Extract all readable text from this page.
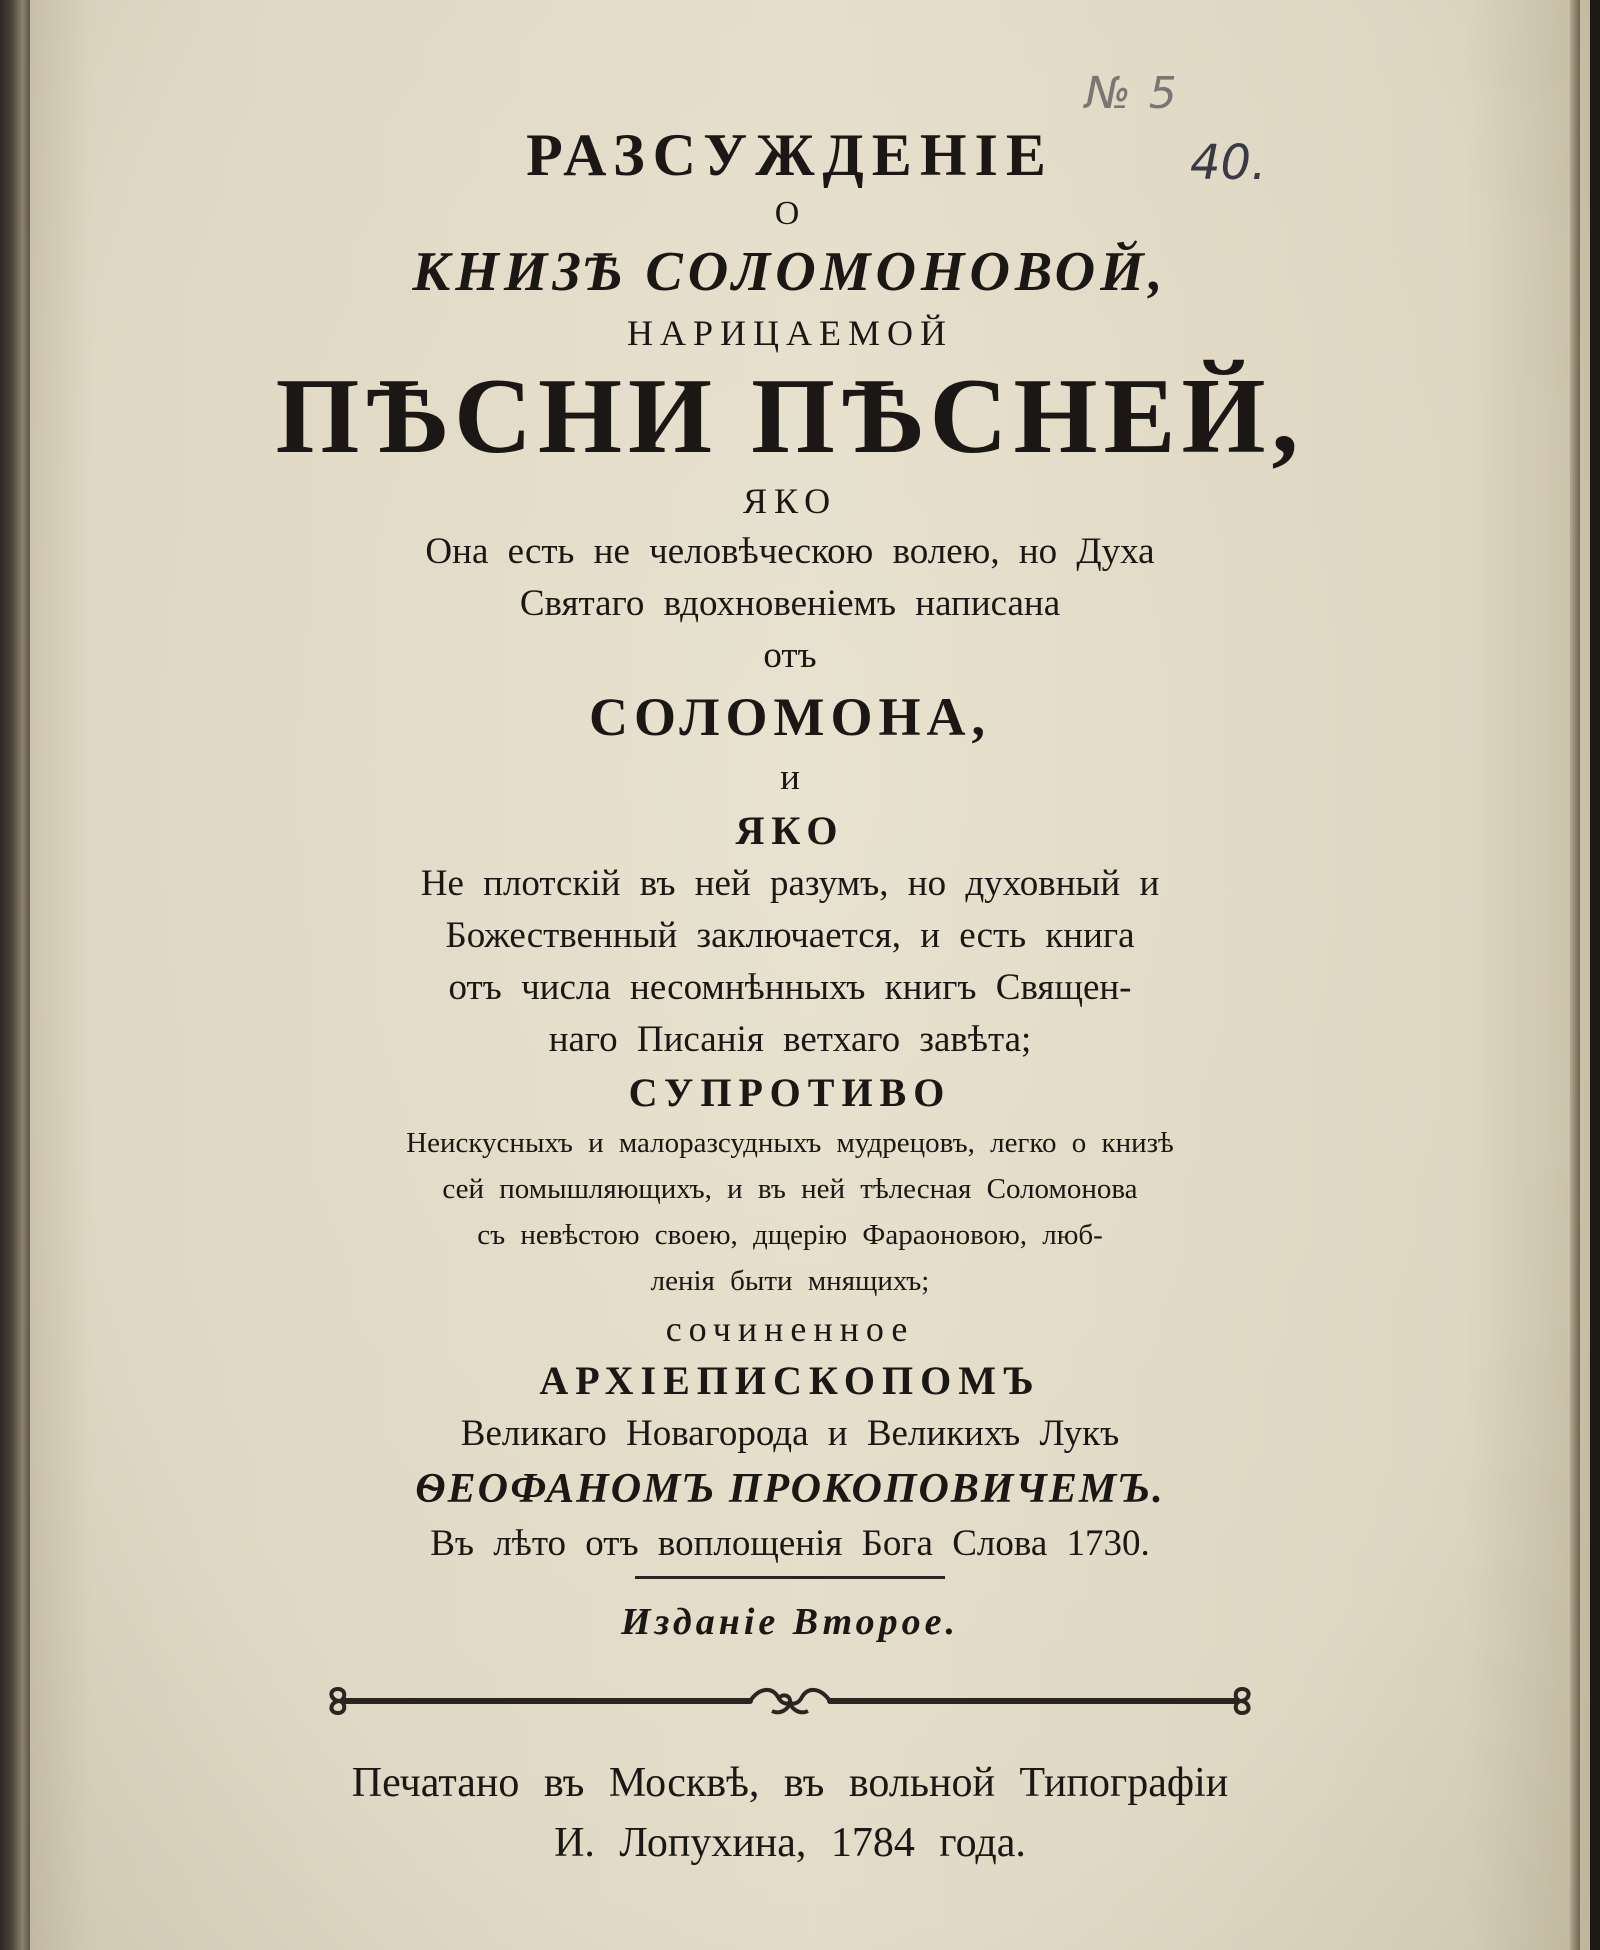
№ 5
40.
РАЗСУЖДЕНІЕ
О
КНИЗѢ СОЛОМОНОВОЙ,
НАРИЦАЕМОЙ
ПѢСНИ ПѢСНЕЙ,
ЯКО
Она есть не человѣческою волею, но Духа
Святаго вдохновеніемъ написана
отъ
СОЛОМОНА,
и
ЯКО
Не плотскій въ ней разумъ, но духовный и
Божественный заключается, и есть книга
отъ числа несомнѣнныхъ книгъ Священ-
наго Писанія ветхаго завѣта;
СУПРОТИВО
Неискусныхъ и малоразсудныхъ мудрецовъ, легко о книзѣ
сей помышляющихъ, и въ ней тѣлесная Соломонова
съ невѣстою своею, дщерію Фараоновою, люб-
ленія быти мнящихъ;
сочиненное
АРХІЕПИСКОПОМЪ
Великаго Новагорода и Великихъ Лукъ
ѲЕОФАНОМЪ ПРОКОПОВИЧЕМЪ.
Въ лѣто отъ воплощенія Бога Слова 1730.
Изданіе Второе.
Печатано въ Москвѣ, въ вольной Типографіи
И. Лопухина, 1784 года.
